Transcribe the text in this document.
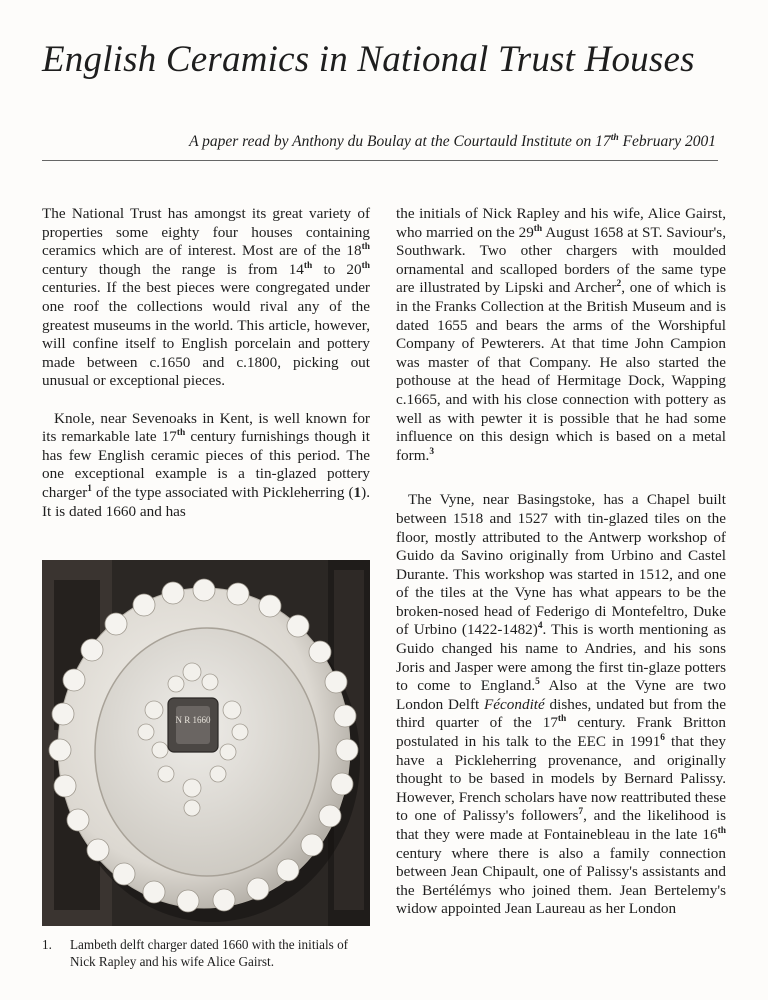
English Ceramics in National Trust Houses

A paper read by Anthony du Boulay at the Courtauld Institute on 17th February 2001

The National Trust has amongst its great variety of properties some eighty four houses containing ceramics which are of interest. Most are of the 18th century though the range is from 14th to 20th centuries. If the best pieces were congregated under one roof the collections would rival any of the greatest museums in the world. This article, however, will confine itself to English porcelain and pottery made between c.1650 and c.1800, picking out unusual or exceptional pieces.

Knole, near Sevenoaks in Kent, is well known for its remarkable late 17th century furnishings though it has few English ceramic pieces of this period. The one exceptional example is a tin-glazed pottery charger$^1$ of the type associated with Pickleherring (1). It is dated 1660 and has

N R 1660
1.	Lambeth delft charger dated 1660 with the initials of Nick Rapley and his wife Alice Gairst.

the initials of Nick Rapley and his wife, Alice Gairst, who married on the 29th August 1658 at ST. Saviour's, Southwark. Two other chargers with moulded ornamental and scalloped borders of the same type are illustrated by Lipski and Archer$^2$, one of which is in the Franks Collection at the British Museum and is dated 1655 and bears the arms of the Worshipful Company of Pewterers. At that time John Campion was master of that Company. He also started the pothouse at the head of Hermitage Dock, Wapping c.1665, and with his close connection with pottery as well as with pewter it is possible that he had some influence on this design which is based on a metal form.$^3$

The Vyne, near Basingstoke, has a Chapel built between 1518 and 1527 with tin-glazed tiles on the floor, mostly attributed to the Antwerp workshop of Guido da Savino originally from Urbino and Castel Durante. This workshop was started in 1512, and one of the tiles at the Vyne has what appears to be the broken-nosed head of Federigo di Montefeltro, Duke of Urbino (1422-1482)$^4$. This is worth mentioning as Guido changed his name to Andries, and his sons Joris and Jasper were among the first tin-glaze potters to come to England.$^5$ Also at the Vyne are two London Delft Fécondité dishes, undated but from the third quarter of the 17th century. Frank Britton postulated in his talk to the EEC in 1991$^6$ that they have a Pickleherring provenance, and originally thought to be based in models by Bernard Palissy. However, French scholars have now reattributed these to one of Palissy's followers$^7$, and the likelihood is that they were made at Fontainebleau in the late 16th century where there is also a family connection between Jean Chipault, one of Palissy's assistants and the Bertélémys who joined them. Jean Bertelemy's widow appointed Jean Laureau as her London
